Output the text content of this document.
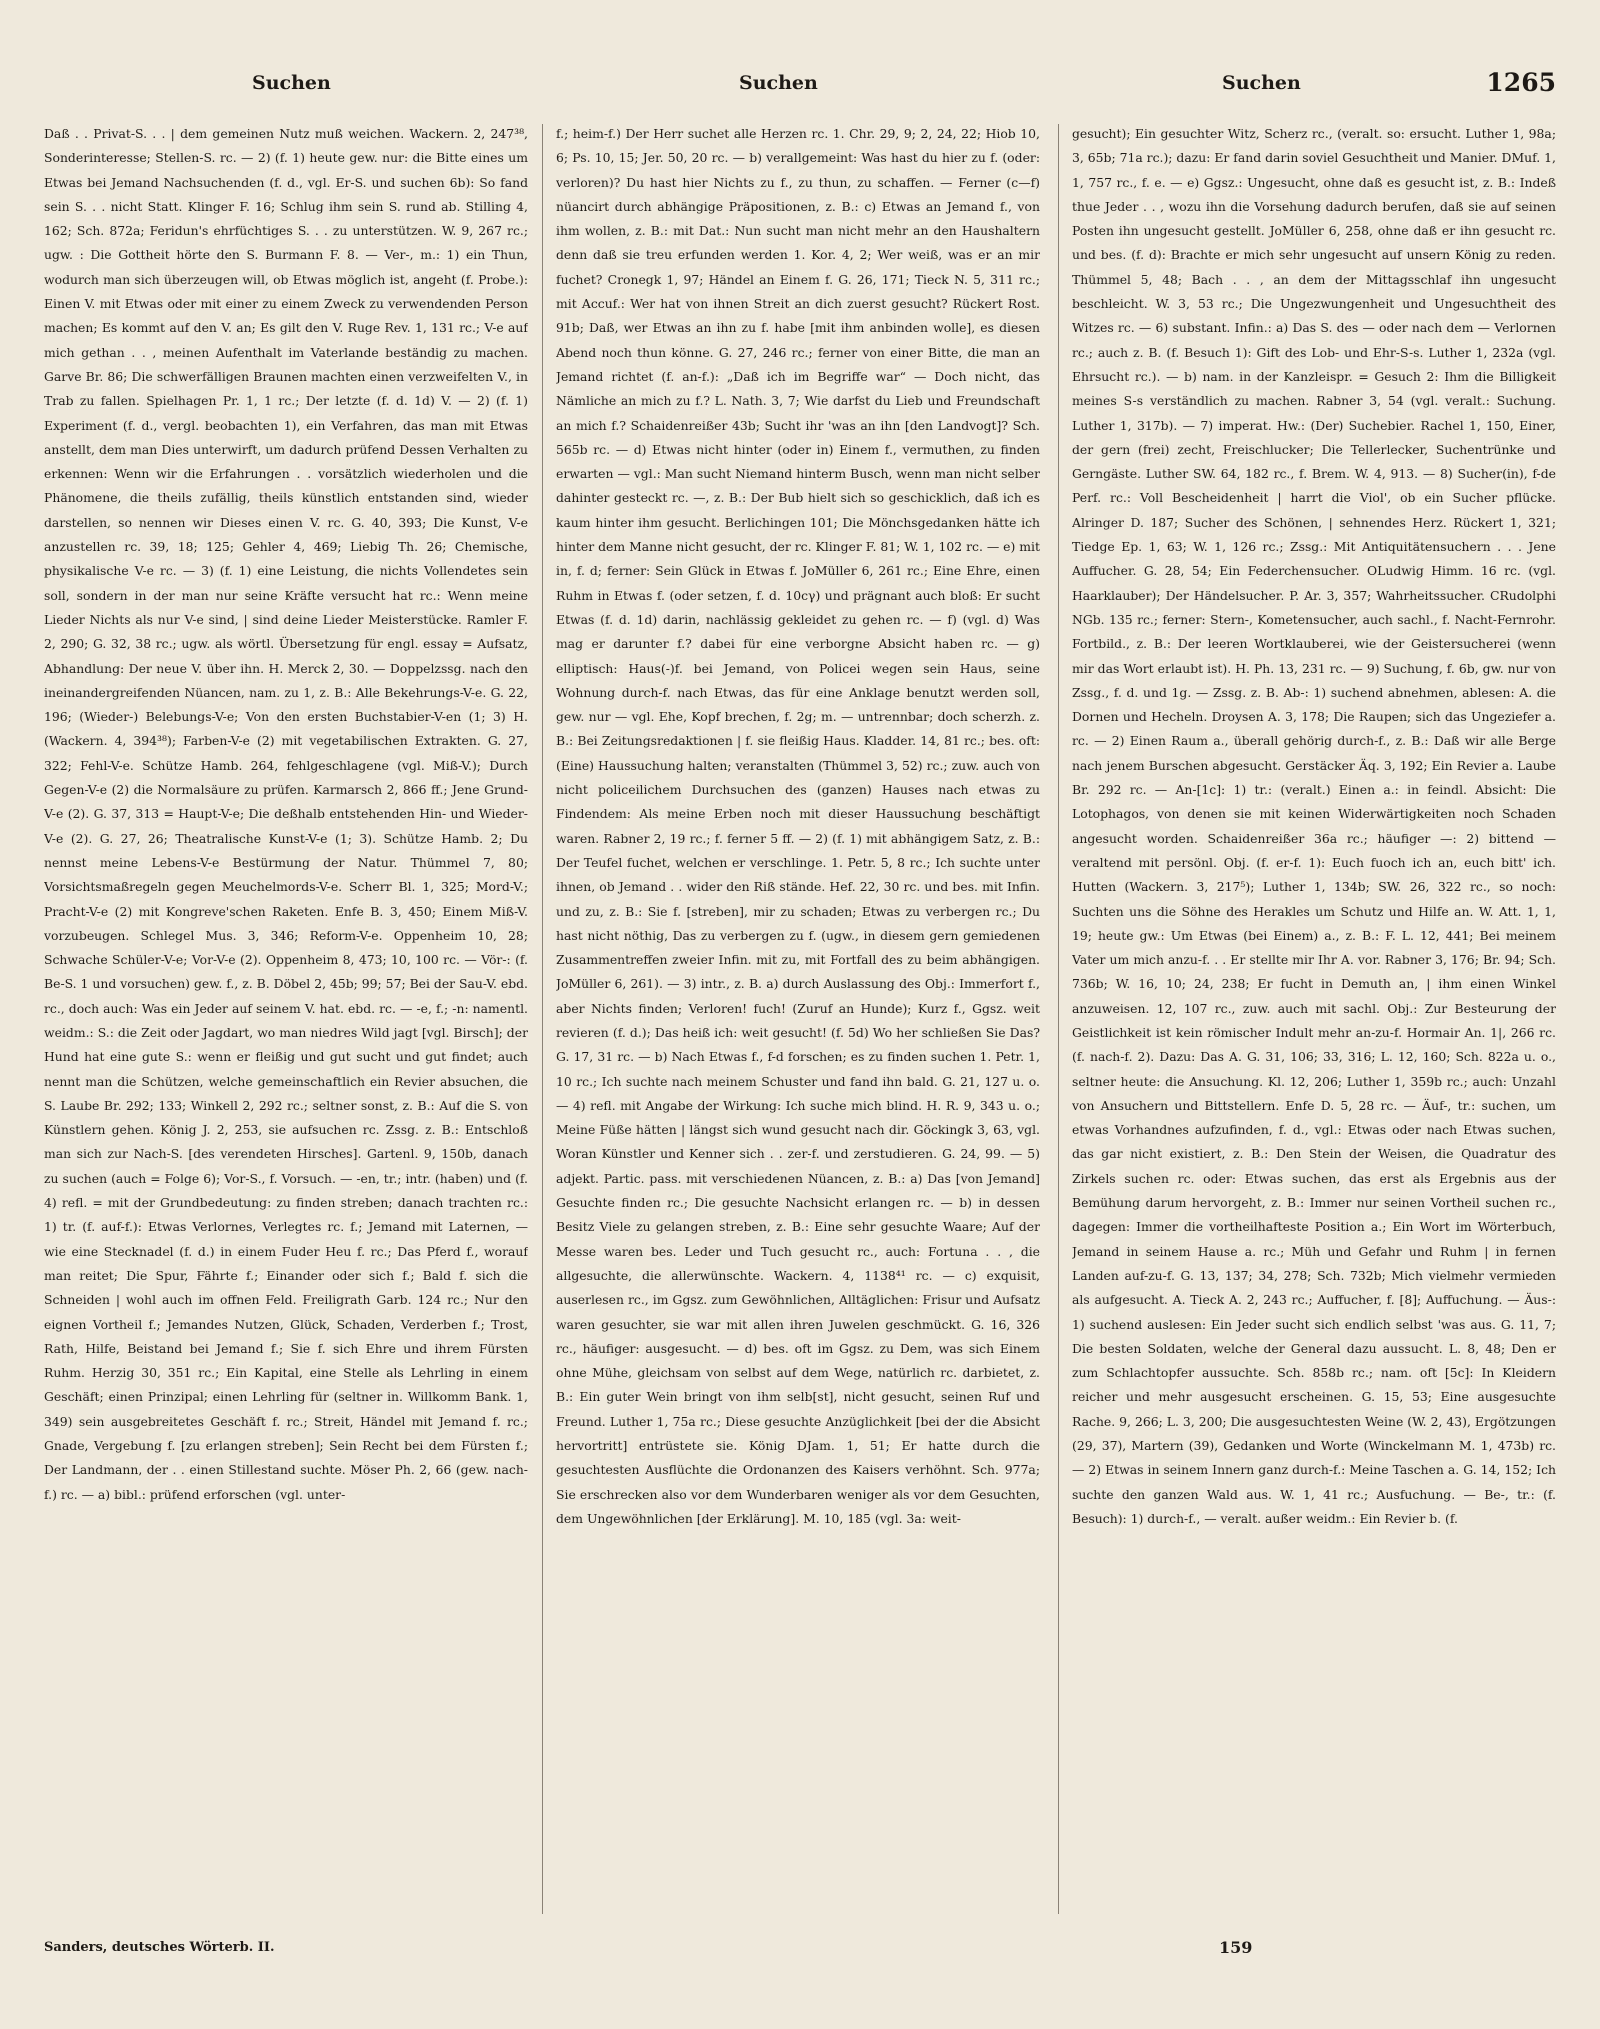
Suchen	Suchen	Suchen	1265
Daß . . Privat-S. . . | dem gemeinen Nutz muß weichen. Wackern. 2, 247³⁸, Sonderinteresse; Stellen-S. rc. — 2) (f. 1) heute gew. nur: die Bitte eines um Etwas bei Jemand Nachsuchenden (f. d., vgl. Er-S. und suchen 6b): So fand sein S. . . nicht Statt. Klinger F. 16; Schlug ihm sein S. rund ab. Stilling 4, 162; Sch. 872a; Feridun's ehrfüchtiges S. . . zu unterstützen. W. 9, 267 rc.; ugw. : Die Gottheit hörte den S. Burmann F. 8. — Ver-, m.: 1) ein Thun, wodurch man sich überzeugen will, ob Etwas möglich ist, angeht (f. Probe.): Einen V. mit Etwas oder mit einer zu einem Zweck zu verwendenden Person machen; Es kommt auf den V. an; Es gilt den V. Ruge Rev. 1, 131 rc.; V-e auf mich gethan . . , meinen Aufenthalt im Vaterlande beständig zu machen. Garve Br. 86; Die schwerfälligen Braunen machten einen verzweifelten V., in Trab zu fallen. Spielhagen Pr. 1, 1 rc.; Der letzte (f. d. 1d) V. — 2) (f. 1) Experiment (f. d., vergl. beobachten 1), ein Verfahren, das man mit Etwas anstellt, dem man Dies unterwirft, um dadurch prüfend Dessen Verhalten zu erkennen: Wenn wir die Erfahrungen . . vorsätzlich wiederholen und die Phänomene, die theils zufällig, theils künstlich entstanden sind, wieder darstellen, so nennen wir Dieses einen V. rc. G. 40, 393; Die Kunst, V-e anzustellen rc. 39, 18; 125; Gehler 4, 469; Liebig Th. 26; Chemische, physikalische V-e rc. — 3) (f. 1) eine Leistung, die nichts Vollendetes sein soll, sondern in der man nur seine Kräfte versucht hat rc.: Wenn meine Lieder Nichts als nur V-e sind, | sind deine Lieder Meisterstücke. Ramler F. 2, 290; G. 32, 38 rc.; ugw. als wörtl. Übersetzung für engl. essay = Aufsatz, Abhandlung: Der neue V. über ihn. H. Merck 2, 30. — Doppelzssg. nach den ineinandergreifenden Nüancen, nam. zu 1, z. B.: Alle Bekehrungs-V-e. G. 22, 196; (Wieder-) Belebungs-V-e; Von den ersten Buchstabier-V-en (1; 3) H. (Wackern. 4, 394³⁸); Farben-V-e (2) mit vegetabilischen Extrakten. G. 27, 322; Fehl-V-e. Schütze Hamb. 264, fehlgeschlagene (vgl. Miß-V.); Durch Gegen-V-e (2) die Normalsäure zu prüfen. Karmarsch 2, 866 ff.; Jene Grund-V-e (2). G. 37, 313 = Haupt-V-e; Die deßhalb entstehenden Hin- und Wieder-V-e (2). G. 27, 26; Theatralische Kunst-V-e (1; 3). Schütze Hamb. 2; Du nennst meine Lebens-V-e Bestürmung der Natur. Thümmel 7, 80; Vorsichtsmaßregeln gegen Meuchelmords-V-e. Scherr Bl. 1, 325; Mord-V.; Pracht-V-e (2) mit Kongreve'schen Raketen. Enfe B. 3, 450; Einem Miß-V. vorzubeugen. Schlegel Mus. 3, 346; Reform-V-e. Oppenheim 10, 28; Schwache Schüler-V-e; Vor-V-e (2). Oppenheim 8, 473; 10, 100 rc. — Vör-: (f. Be-S. 1 und vorsuchen) gew. f., z. B. Döbel 2, 45b; 99; 57; Bei der Sau-V. ebd. rc., doch auch: Was ein Jeder auf seinem V. hat. ebd. rc. — -e, f.; -n: namentl. weidm.: S.: die Zeit oder Jagdart, wo man niedres Wild jagt [vgl. Birsch]; der Hund hat eine gute S.: wenn er fleißig und gut sucht und gut findet; auch nennt man die Schützen, welche gemeinschaftlich ein Revier absuchen, die S. Laube Br. 292; 133; Winkell 2, 292 rc.; seltner sonst, z. B.: Auf die S. von Künstlern gehen. König J. 2, 253, sie aufsuchen rc. Zssg. z. B.: Entschloß man sich zur Nach-S. [des verendeten Hirsches]. Gartenl. 9, 150b, danach zu suchen (auch = Folge 6); Vor-S., f. Vorsuch. — -en, tr.; intr. (haben) und (f. 4) refl. = mit der Grundbedeutung: zu finden streben; danach trachten rc.: 1) tr. (f. auf-f.): Etwas Verlornes, Verlegtes rc. f.; Jemand mit Laternen, — wie eine Stecknadel (f. d.) in einem Fuder Heu f. rc.; Das Pferd f., worauf man reitet; Die Spur, Fährte f.; Einander oder sich f.; Bald f. sich die Schneiden | wohl auch im offnen Feld. Freiligrath Garb. 124 rc.; Nur den eignen Vortheil f.; Jemandes Nutzen, Glück, Schaden, Verderben f.; Trost, Rath, Hilfe, Beistand bei Jemand f.; Sie f. sich Ehre und ihrem Fürsten Ruhm. Herzig 30, 351 rc.; Ein Kapital, eine Stelle als Lehrling in einem Geschäft; einen Prinzipal; einen Lehrling für (seltner in. Willkomm Bank. 1, 349) sein ausgebreitetes Geschäft f. rc.; Streit, Händel mit Jemand f. rc.; Gnade, Vergebung f. [zu erlangen streben]; Sein Recht bei dem Fürsten f.; Der Landmann, der . . einen Stillestand suchte. Möser Ph. 2, 66 (gew. nach-f.) rc. — a) bibl.: prüfend erforschen (vgl. unter-
f.; heim-f.) Der Herr suchet alle Herzen rc. 1. Chr. 29, 9; 2, 24, 22; Hiob 10, 6; Ps. 10, 15; Jer. 50, 20 rc. — b) verallgemeint: Was hast du hier zu f. (oder: verloren)? Du hast hier Nichts zu f., zu thun, zu schaffen. — Ferner (c—f) nüancirt durch abhängige Präpositionen, z. B.: c) Etwas an Jemand f., von ihm wollen, z. B.: mit Dat.: Nun sucht man nicht mehr an den Haushaltern denn daß sie treu erfunden werden 1. Kor. 4, 2; Wer weiß, was er an mir fuchet? Cronegk 1, 97; Händel an Einem f. G. 26, 171; Tieck N. 5, 311 rc.; mit Accuf.: Wer hat von ihnen Streit an dich zuerst gesucht? Rückert Rost. 91b; Daß, wer Etwas an ihn zu f. habe [mit ihm anbinden wolle], es diesen Abend noch thun könne. G. 27, 246 rc.; ferner von einer Bitte, die man an Jemand richtet (f. an-f.): „Daß ich im Begriffe war“ — Doch nicht, das Nämliche an mich zu f.? L. Nath. 3, 7; Wie darfst du Lieb und Freundschaft an mich f.? Schaidenreißer 43b; Sucht ihr 'was an ihn [den Landvogt]? Sch. 565b rc. — d) Etwas nicht hinter (oder in) Einem f., vermuthen, zu finden erwarten — vgl.: Man sucht Niemand hinterm Busch, wenn man nicht selber dahinter gesteckt rc. —, z. B.: Der Bub hielt sich so geschicklich, daß ich es kaum hinter ihm gesucht. Berlichingen 101; Die Mönchsgedanken hätte ich hinter dem Manne nicht gesucht, der rc. Klinger F. 81; W. 1, 102 rc. — e) mit in, f. d; ferner: Sein Glück in Etwas f. JoMüller 6, 261 rc.; Eine Ehre, einen Ruhm in Etwas f. (oder setzen, f. d. 10cγ) und prägnant auch bloß: Er sucht Etwas (f. d. 1d) darin, nachlässig gekleidet zu gehen rc. — f) (vgl. d) Was mag er darunter f.? dabei für eine verborgne Absicht haben rc. — g) elliptisch: Haus(-)f. bei Jemand, von Policei wegen sein Haus, seine Wohnung durch-f. nach Etwas, das für eine Anklage benutzt werden soll, gew. nur — vgl. Ehe, Kopf brechen, f. 2g; m. — untrennbar; doch scherzh. z. B.: Bei Zeitungsredaktionen | f. sie fleißig Haus. Kladder. 14, 81 rc.; bes. oft: (Eine) Haussuchung halten; veranstalten (Thümmel 3, 52) rc.; zuw. auch von nicht policeilichem Durchsuchen des (ganzen) Hauses nach etwas zu Findendem: Als meine Erben noch mit dieser Haussuchung beschäftigt waren. Rabner 2, 19 rc.; f. ferner 5 ff. — 2) (f. 1) mit abhängigem Satz, z. B.: Der Teufel fuchet, welchen er verschlinge. 1. Petr. 5, 8 rc.; Ich suchte unter ihnen, ob Jemand . . wider den Riß stände. Hef. 22, 30 rc. und bes. mit Infin. und zu, z. B.: Sie f. [streben], mir zu schaden; Etwas zu verbergen rc.; Du hast nicht nöthig, Das zu verbergen zu f. (ugw., in diesem gern gemiedenen Zusammentreffen zweier Infin. mit zu, mit Fortfall des zu beim abhängigen. JoMüller 6, 261). — 3) intr., z. B. a) durch Auslassung des Obj.: Immerfort f., aber Nichts finden; Verloren! fuch! (Zuruf an Hunde); Kurz f., Ggsz. weit revieren (f. d.); Das heiß ich: weit gesucht! (f. 5d) Wo her schließen Sie Das? G. 17, 31 rc. — b) Nach Etwas f., f-d forschen; es zu finden suchen 1. Petr. 1, 10 rc.; Ich suchte nach meinem Schuster und fand ihn bald. G. 21, 127 u. o. — 4) refl. mit Angabe der Wirkung: Ich suche mich blind. H. R. 9, 343 u. o.; Meine Füße hätten | längst sich wund gesucht nach dir. Göckingk 3, 63, vgl. Woran Künstler und Kenner sich . . zer-f. und zerstudieren. G. 24, 99. — 5) adjekt. Partic. pass. mit verschiedenen Nüancen, z. B.: a) Das [von Jemand] Gesuchte finden rc.; Die gesuchte Nachsicht erlangen rc. — b) in dessen Besitz Viele zu gelangen streben, z. B.: Eine sehr gesuchte Waare; Auf der Messe waren bes. Leder und Tuch gesucht rc., auch: Fortuna . . , die allgesuchte, die allerwünschte. Wackern. 4, 1138⁴¹ rc. — c) exquisit, auserlesen rc., im Ggsz. zum Gewöhnlichen, Alltäglichen: Frisur und Aufsatz waren gesuchter, sie war mit allen ihren Juwelen geschmückt. G. 16, 326 rc., häufiger: ausgesucht. — d) bes. oft im Ggsz. zu Dem, was sich Einem ohne Mühe, gleichsam von selbst auf dem Wege, natürlich rc. darbietet, z. B.: Ein guter Wein bringt von ihm selb[st], nicht gesucht, seinen Ruf und Freund. Luther 1, 75a rc.; Diese gesuchte Anzüglichkeit [bei der die Absicht hervortritt] entrüstete sie. König DJam. 1, 51; Er hatte durch die gesuchtesten Ausflüchte die Ordonanzen des Kaisers verhöhnt. Sch. 977a; Sie erschrecken also vor dem Wunderbaren weniger als vor dem Gesuchten, dem Ungewöhnlichen [der Erklärung]. M. 10, 185 (vgl. 3a: weit-
gesucht); Ein gesuchter Witz, Scherz rc., (veralt. so: ersucht. Luther 1, 98a; 3, 65b; 71a rc.); dazu: Er fand darin soviel Gesuchtheit und Manier. DMuf. 1, 1, 757 rc., f. e. — e) Ggsz.: Ungesucht, ohne daß es gesucht ist, z. B.: Indeß thue Jeder . . , wozu ihn die Vorsehung dadurch berufen, daß sie auf seinen Posten ihn ungesucht gestellt. JoMüller 6, 258, ohne daß er ihn gesucht rc. und bes. (f. d): Brachte er mich sehr ungesucht auf unsern König zu reden. Thümmel 5, 48; Bach . . , an dem der Mittagsschlaf ihn ungesucht beschleicht. W. 3, 53 rc.; Die Ungezwungenheit und Ungesuchtheit des Witzes rc. — 6) substant. Infin.: a) Das S. des — oder nach dem — Verlornen rc.; auch z. B. (f. Besuch 1): Gift des Lob- und Ehr-S-s. Luther 1, 232a (vgl. Ehrsucht rc.). — b) nam. in der Kanzleispr. = Gesuch 2: Ihm die Billigkeit meines S-s verständlich zu machen. Rabner 3, 54 (vgl. veralt.: Suchung. Luther 1, 317b). — 7) imperat. Hw.: (Der) Suchebier. Rachel 1, 150, Einer, der gern (frei) zecht, Freischlucker; Die Tellerlecker, Suchentrünke und Gerngäste. Luther SW. 64, 182 rc., f. Brem. W. 4, 913. — 8) Sucher(in), f-de Perf. rc.: Voll Bescheidenheit | harrt die Viol', ob ein Sucher pflücke. Alringer D. 187; Sucher des Schönen, | sehnendes Herz. Rückert 1, 321; Tiedge Ep. 1, 63; W. 1, 126 rc.; Zssg.: Mit Antiquitätensuchern . . . Jene Auffucher. G. 28, 54; Ein Federchensucher. OLudwig Himm. 16 rc. (vgl. Haarklauber); Der Händelsucher. P. Ar. 3, 357; Wahrheitssucher. CRudolphi NGb. 135 rc.; ferner: Stern-, Kometensucher, auch sachl., f. Nacht-Fernrohr. Fortbild., z. B.: Der leeren Wortklauberei, wie der Geistersucherei (wenn mir das Wort erlaubt ist). H. Ph. 13, 231 rc. — 9) Suchung, f. 6b, gw. nur von Zssg., f. d. und 1g. — Zssg. z. B. Ab-: 1) suchend abnehmen, ablesen: A. die Dornen und Hecheln. Droysen A. 3, 178; Die Raupen; sich das Ungeziefer a. rc. — 2) Einen Raum a., überall gehörig durch-f., z. B.: Daß wir alle Berge nach jenem Burschen abgesucht. Gerstäcker Äq. 3, 192; Ein Revier a. Laube Br. 292 rc. — An-[1c]: 1) tr.: (veralt.) Einen a.: in feindl. Absicht: Die Lotophagos, von denen sie mit keinen Widerwärtigkeiten noch Schaden angesucht worden. Schaidenreißer 36a rc.; häufiger —: 2) bittend — veraltend mit persönl. Obj. (f. er-f. 1): Euch fuoch ich an, euch bitt' ich. Hutten (Wackern. 3, 217⁵); Luther 1, 134b; SW. 26, 322 rc., so noch: Suchten uns die Söhne des Herakles um Schutz und Hilfe an. W. Att. 1, 1, 19; heute gw.: Um Etwas (bei Einem) a., z. B.: F. L. 12, 441; Bei meinem Vater um mich anzu-f. . . Er stellte mir Ihr A. vor. Rabner 3, 176; Br. 94; Sch. 736b; W. 16, 10; 24, 238; Er fucht in Demuth an, | ihm einen Winkel anzuweisen. 12, 107 rc., zuw. auch mit sachl. Obj.: Zur Besteurung der Geistlichkeit ist kein römischer Indult mehr an-zu-f. Hormair An. 1|, 266 rc. (f. nach-f. 2). Dazu: Das A. G. 31, 106; 33, 316; L. 12, 160; Sch. 822a u. o., seltner heute: die Ansuchung. Kl. 12, 206; Luther 1, 359b rc.; auch: Unzahl von Ansuchern und Bittstellern. Enfe D. 5, 28 rc. — Äuf-, tr.: suchen, um etwas Vorhandnes aufzufinden, f. d., vgl.: Etwas oder nach Etwas suchen, das gar nicht existiert, z. B.: Den Stein der Weisen, die Quadratur des Zirkels suchen rc. oder: Etwas suchen, das erst als Ergebnis aus der Bemühung darum hervorgeht, z. B.: Immer nur seinen Vortheil suchen rc., dagegen: Immer die vortheilhafteste Position a.; Ein Wort im Wörterbuch, Jemand in seinem Hause a. rc.; Müh und Gefahr und Ruhm | in fernen Landen auf-zu-f. G. 13, 137; 34, 278; Sch. 732b; Mich vielmehr vermieden als aufgesucht. A. Tieck A. 2, 243 rc.; Auffucher, f. [8]; Auffuchung. — Äus-: 1) suchend auslesen: Ein Jeder sucht sich endlich selbst 'was aus. G. 11, 7; Die besten Soldaten, welche der General dazu aussucht. L. 8, 48; Den er zum Schlachtopfer aussuchte. Sch. 858b rc.; nam. oft [5c]: In Kleidern reicher und mehr ausgesucht erscheinen. G. 15, 53; Eine ausgesuchte Rache. 9, 266; L. 3, 200; Die ausgesuchtesten Weine (W. 2, 43), Ergötzungen (29, 37), Martern (39), Gedanken und Worte (Winckelmann M. 1, 473b) rc. — 2) Etwas in seinem Innern ganz durch-f.: Meine Taschen a. G. 14, 152; Ich suchte den ganzen Wald aus. W. 1, 41 rc.; Ausfuchung. — Be-, tr.: (f. Besuch): 1) durch-f., — veralt. außer weidm.: Ein Revier b. (f.
Sanders, deutsches Wörterb. II.	159
